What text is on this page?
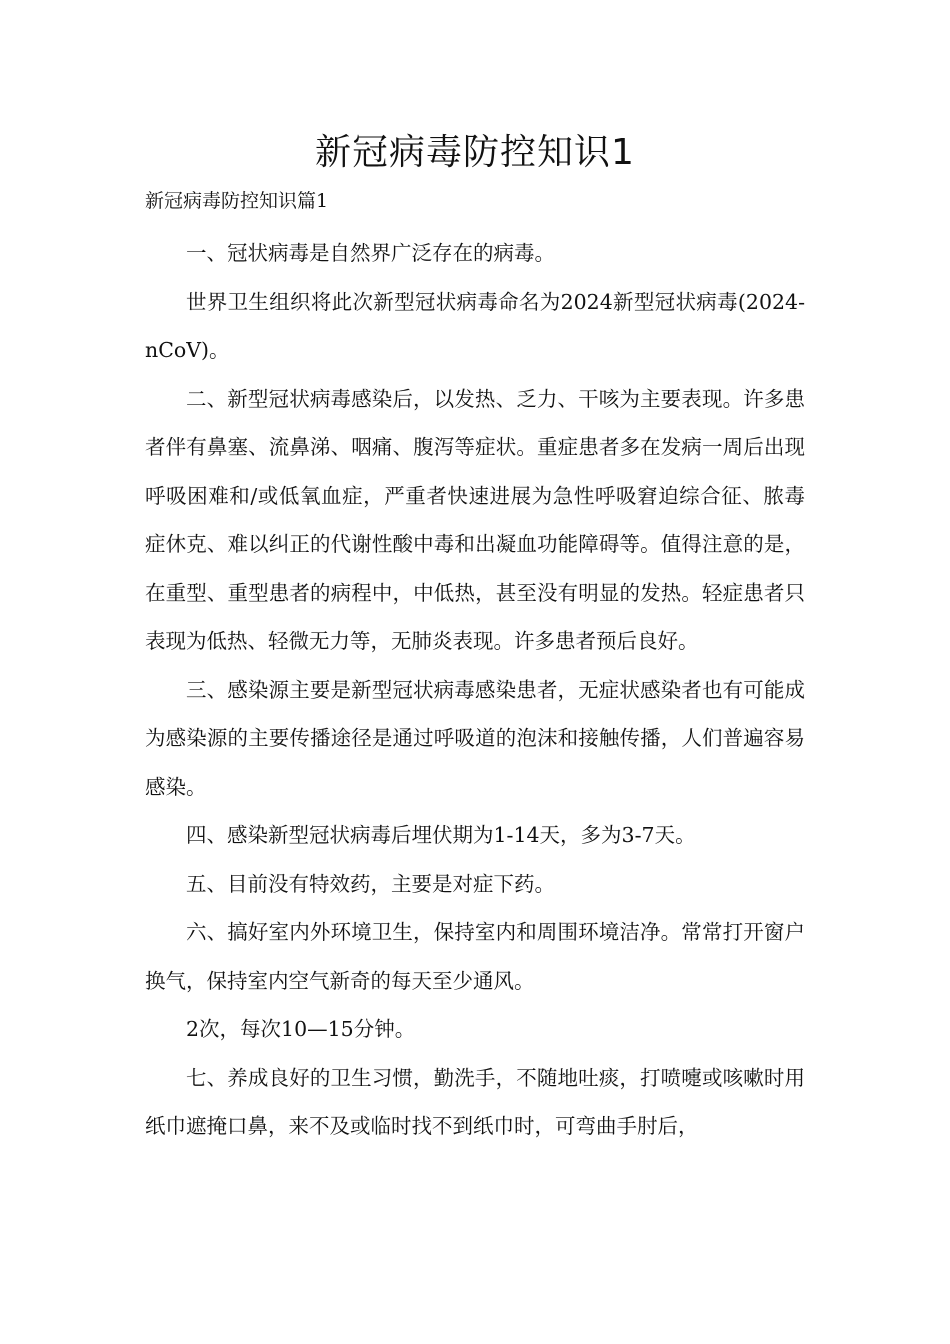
新冠病毒防控知识1
新冠病毒防控知识篇1

一、冠状病毒是自然界广泛存在的病毒。

世界卫生组织将此次新型冠状病毒命名为2024新型冠状病毒(2024-nCoV)。

二、新型冠状病毒感染后，以发热、乏力、干咳为主要表现。许多患者伴有鼻塞、流鼻涕、咽痛、腹泻等症状。重症患者多在发病一周后出现呼吸困难和/或低氧血症，严重者快速进展为急性呼吸窘迫综合征、脓毒症休克、难以纠正的代谢性酸中毒和出凝血功能障碍等。值得注意的是，在重型、重型患者的病程中，中低热，甚至没有明显的发热。轻症患者只表现为低热、轻微无力等，无肺炎表现。许多患者预后良好。

三、感染源主要是新型冠状病毒感染患者，无症状感染者也有可能成为感染源的主要传播途径是通过呼吸道的泡沫和接触传播，人们普遍容易感染。

四、感染新型冠状病毒后埋伏期为1-14天，多为3-7天。

五、目前没有特效药，主要是对症下药。

六、搞好室内外环境卫生，保持室内和周围环境洁净。常常打开窗户换气，保持室内空气新奇的每天至少通风。

2次，每次10—15分钟。

七、养成良好的卫生习惯，勤洗手，不随地吐痰，打喷嚏或咳嗽时用纸巾遮掩口鼻，来不及或临时找不到纸巾时，可弯曲手肘后，
